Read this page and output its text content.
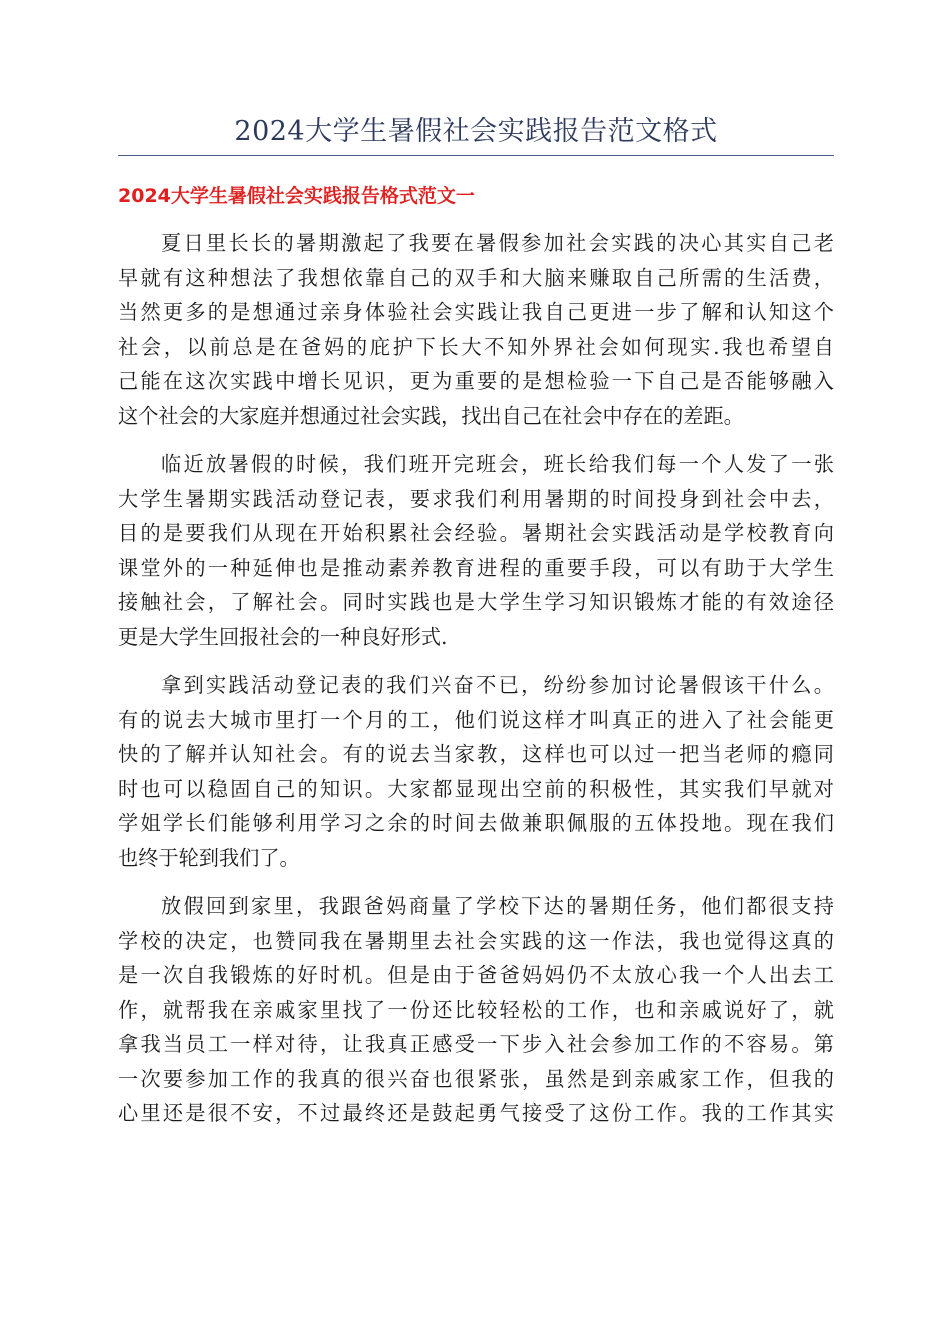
2024大学生暑假社会实践报告范文格式
2024大学生暑假社会实践报告格式范文一
夏日里长长的暑期激起了我要在暑假参加社会实践的决心其实自己老
早就有这种想法了我想依靠自己的双手和大脑来赚取自己所需的生活费，
当然更多的是想通过亲身体验社会实践让我自己更进一步了解和认知这个
社会，以前总是在爸妈的庇护下长大不知外界社会如何现实.我也希望自
己能在这次实践中增长见识，更为重要的是想检验一下自己是否能够融入
这个社会的大家庭并想通过社会实践，找出自己在社会中存在的差距。
临近放暑假的时候，我们班开完班会，班长给我们每一个人发了一张
大学生暑期实践活动登记表，要求我们利用暑期的时间投身到社会中去，
目的是要我们从现在开始积累社会经验。暑期社会实践活动是学校教育向
课堂外的一种延伸也是推动素养教育进程的重要手段，可以有助于大学生
接触社会，了解社会。同时实践也是大学生学习知识锻炼才能的有效途径
更是大学生回报社会的一种良好形式.
拿到实践活动登记表的我们兴奋不已，纷纷参加讨论暑假该干什么。
有的说去大城市里打一个月的工，他们说这样才叫真正的进入了社会能更
快的了解并认知社会。有的说去当家教，这样也可以过一把当老师的瘾同
时也可以稳固自己的知识。大家都显现出空前的积极性，其实我们早就对
学姐学长们能够利用学习之余的时间去做兼职佩服的五体投地。现在我们
也终于轮到我们了。
放假回到家里，我跟爸妈商量了学校下达的暑期任务，他们都很支持
学校的决定，也赞同我在暑期里去社会实践的这一作法，我也觉得这真的
是一次自我锻炼的好时机。但是由于爸爸妈妈仍不太放心我一个人出去工
作，就帮我在亲戚家里找了一份还比较轻松的工作，也和亲戚说好了，就
拿我当员工一样对待，让我真正感受一下步入社会参加工作的不容易。第
一次要参加工作的我真的很兴奋也很紧张，虽然是到亲戚家工作，但我的
心里还是很不安，不过最终还是鼓起勇气接受了这份工作。我的工作其实
